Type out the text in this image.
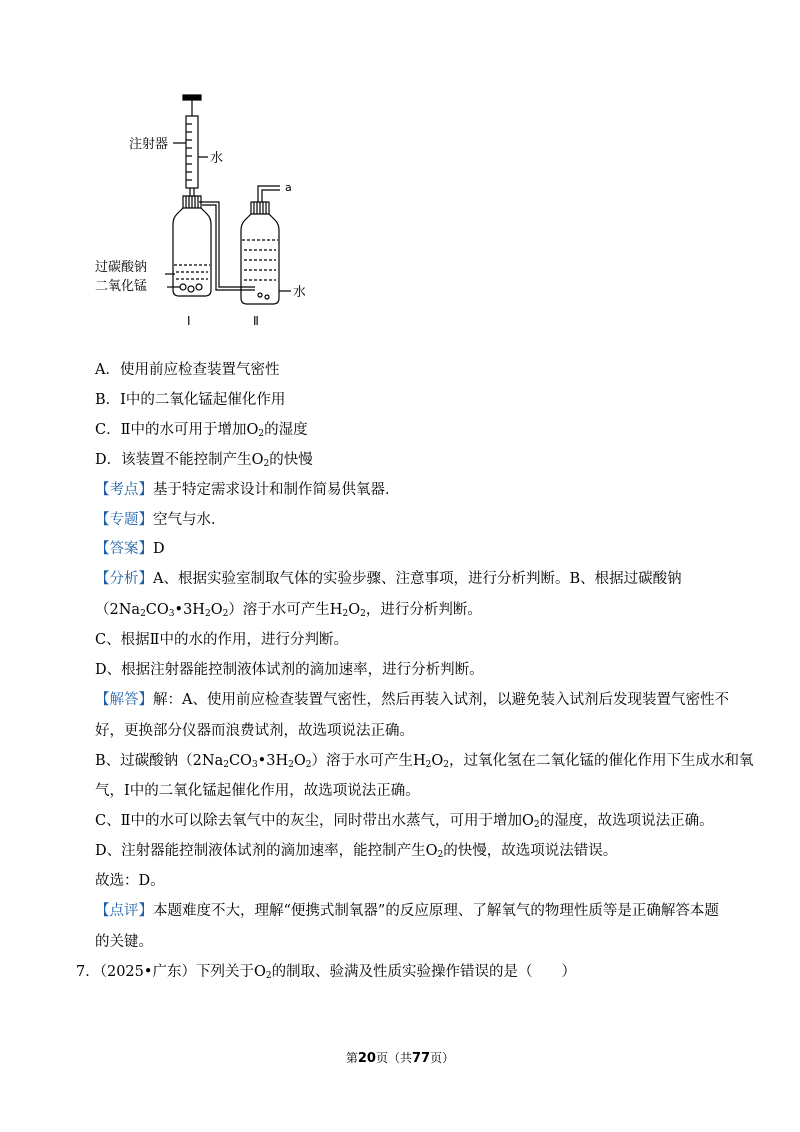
注射器
水
a
过碳酸钠
二氧化锰	水
Ⅰ	Ⅱ
A．使用前应检查装置气密性
B．Ⅰ中的二氧化锰起催化作用
C．Ⅱ中的水可用于增加$O_2$的湿度
D．该装置不能控制产生$O_2$的快慢
【考点】基于特定需求设计和制作简易供氧器．
【专题】空气与水．
【答案】D
【分析】A、根据实验室制取气体的实验步骤、注意事项，进行分析判断。B、根据过碳酸钠
$(2Na_2CO_3•3H_2O_2)$溶于水可产生$H_2O_2$，进行分析判断。
C、根据Ⅱ中的水的作用，进行分判断。
D、根据注射器能控制液体试剂的滴加速率，进行分析判断。
【解答】解：A、使用前应检查装置气密性，然后再装入试剂，以避免装入试剂后发现装置气密性不
好，更换部分仪器而浪费试剂，故选项说法正确。
B、过碳酸钠$(2Na_2CO_3•3H_2O_2)$溶于水可产生$H_2O_2$，过氧化氢在二氧化锰的催化作用下生成水和氧
气，Ⅰ中的二氧化锰起催化作用，故选项说法正确。
C、Ⅱ中的水可以除去氧气中的灰尘，同时带出水蒸气，可用于增加$O_2$的湿度，故选项说法正确。
D、注射器能控制液体试剂的滴加速率，能控制产生$O_2$的快慢，故选项说法错误。
故选：D。
【点评】本题难度不大，理解“便携式制氧器”的反应原理、了解氧气的物理性质等是正确解答本题
的关键。
7．（2025•广东）下列关于$O_2$的制取、验满及性质实验操作错误的是（　　）
第20页（共77页）
